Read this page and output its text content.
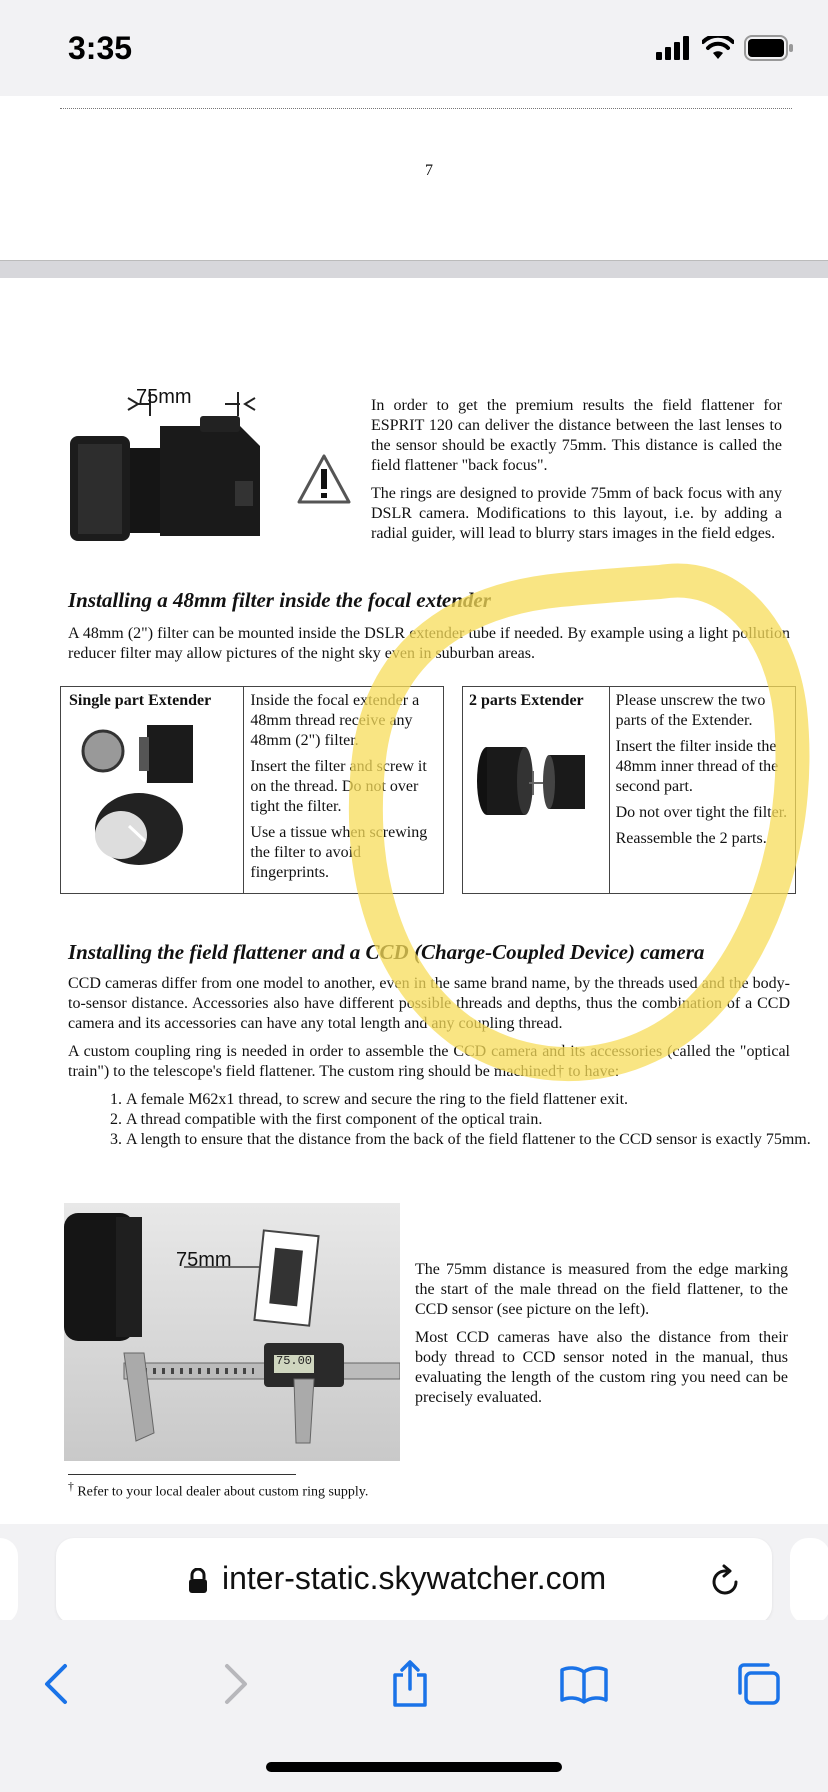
3:35
7
75mm	In order to get the premium results the field flattener for ESPRIT 120 can deliver the distance between the last lenses to the sensor should be exactly 75mm. This distance is called the field flattener "back focus".
The rings are designed to provide 75mm of back focus with any DSLR camera. Modifications to this layout, i.e. by adding a radial guider, will lead to blurry stars images in the field edges.
Installing a 48mm filter inside the focal extender
A 48mm (2") filter can be mounted inside the DSLR extender tube if needed. By example using a light pollution reducer filter may allow pictures of the night sky even in suburban areas.
Single part Extender	Inside the focal extender a 48mm thread receive any 48mm (2") filter.
Insert the filter and screw it on the thread. Do not over tight the filter.
Use a tissue when screwing the filter to avoid fingerprints.
2 parts Extender	Please unscrew the two parts of the Extender.
Insert the filter inside the 48mm inner thread of the second part.
Do not over tight the filter.
Reassemble the 2 parts.
Installing the field flattener and a CCD (Charge-Coupled Device) camera
CCD cameras differ from one model to another, even in the same brand name, by the threads used and the body-to-sensor distance. Accessories also have different possible threads and depths, thus the combination of a CCD camera and its accessories can have any total length and any coupling thread.
A custom coupling ring is needed in order to assemble the CCD camera and its accessories (called the "optical train") to the telescope's field flattener. The custom ring should be machined† to have:
1. A female M62x1 thread, to screw and secure the ring to the field flattener exit.
2. A thread compatible with the first component of the optical train.
3. A length to ensure that the distance from the back of the field flattener to the CCD sensor is exactly 75mm.
75mm
75.00
The 75mm distance is measured from the edge marking the start of the male thread on the field flattener, to the CCD sensor (see picture on the left).
Most CCD cameras have also the distance from their body thread to CCD sensor noted in the manual, thus evaluating the length of the custom ring you need can be precisely evaluated.
† Refer to your local dealer about custom ring supply.
inter-static.skywatcher.com
